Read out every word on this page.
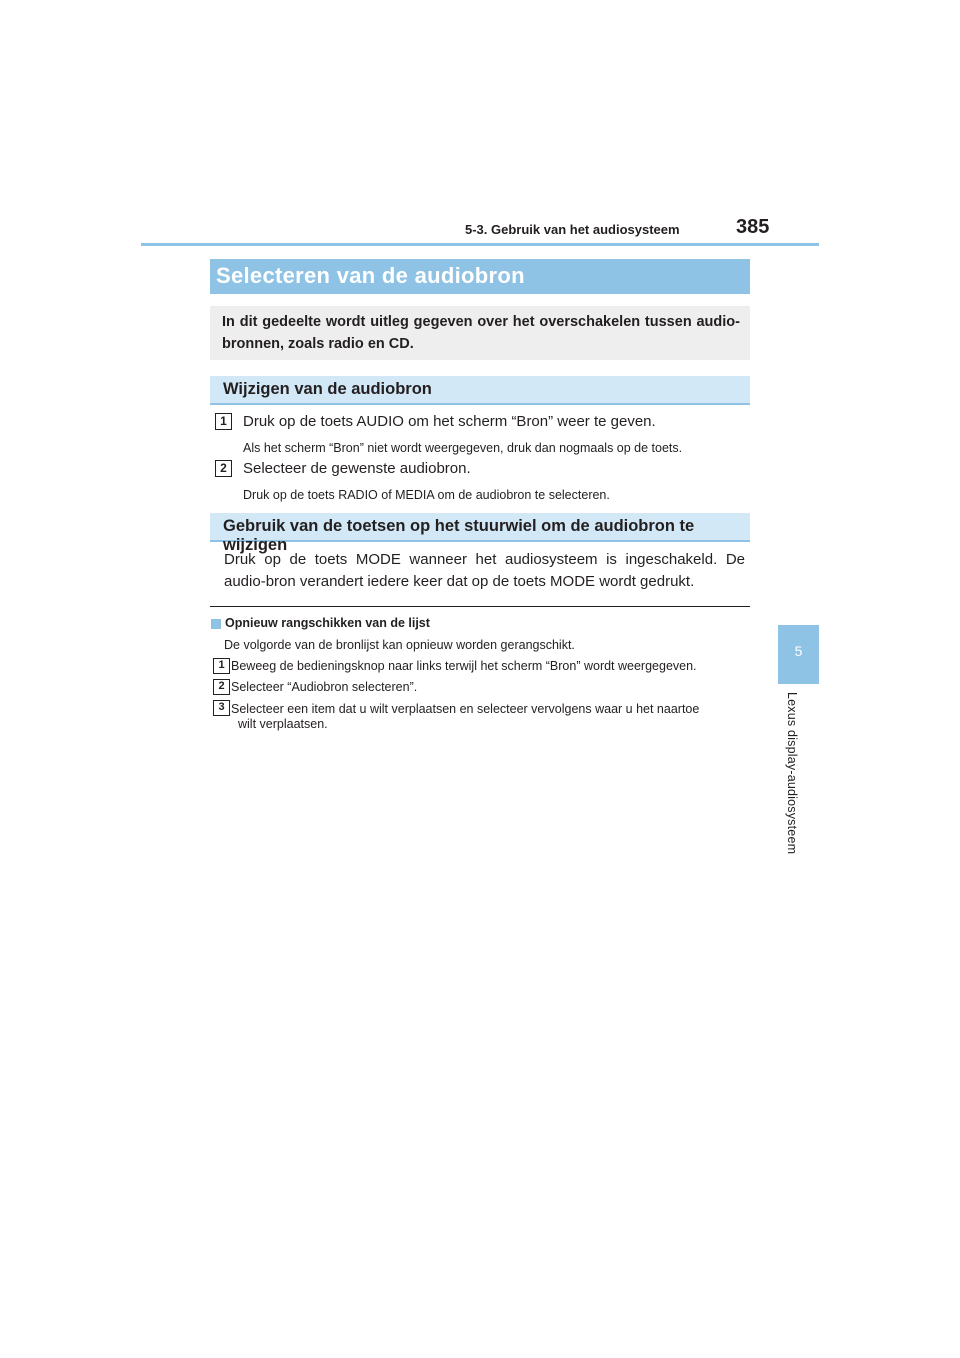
5-3. Gebruik van het audiosysteem	385
5
Lexus display-audiosysteem
Selecteren van de audiobron
In dit gedeelte wordt uitleg gegeven over het overschakelen tussen audio-bronnen, zoals radio en CD.
Wijzigen van de audiobron
1	Druk op de toets AUDIO om het scherm “Bron” weer te geven.
Als het scherm “Bron” niet wordt weergegeven, druk dan nogmaals op de toets.
2	Selecteer de gewenste audiobron.
Druk op de toets RADIO of MEDIA om de audiobron te selecteren.
Gebruik van de toetsen op het stuurwiel om de audiobron te wijzigen
Druk op de toets MODE wanneer het audiosysteem is ingeschakeld. De audio-bron verandert iedere keer dat op de toets MODE wordt gedrukt.
Opnieuw rangschikken van de lijst
De volgorde van de bronlijst kan opnieuw worden gerangschikt.
1 Beweeg de bedieningsknop naar links terwijl het scherm “Bron” wordt weergegeven.
2 Selecteer “Audiobron selecteren”.
3 Selecteer een item dat u wilt verplaatsen en selecteer vervolgens waar u het naartoe
wilt verplaatsen.
